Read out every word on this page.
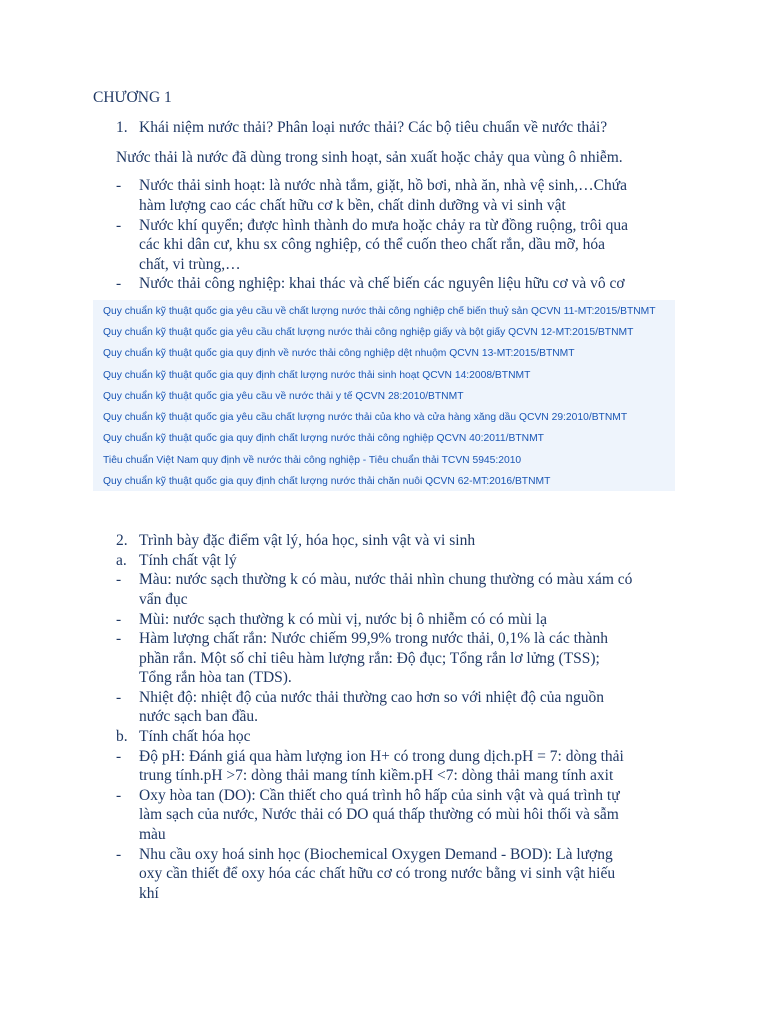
CHƯƠNG 1
1. Khái niệm nước thải? Phân loại nước thải? Các bộ tiêu chuẩn về nước thải?
Nước thải là nước đã dùng trong sinh hoạt, sản xuất hoặc chảy qua vùng ô nhiễm.
- Nước thải sinh hoạt: là nước nhà tắm, giặt, hồ bơi, nhà ăn, nhà vệ sinh,…Chứa
hàm lượng cao các chất hữu cơ k bền, chất dinh dưỡng và vi sinh vật
- Nước khí quyển; được hình thành do mưa hoặc chảy ra từ đồng ruộng, trôi qua
các khi dân cư, khu sx công nghiệp, có thể cuốn theo chất rắn, dầu mỡ, hóa
chất, vi trùng,…
- Nước thải công nghiệp: khai thác và chế biến các nguyên liệu hữu cơ và vô cơ
Quy chuẩn kỹ thuật quốc gia yêu cầu về chất lượng nước thải công nghiệp chế biến thuỷ sản QCVN 11-MT:2015/BTNMT
Quy chuẩn kỹ thuật quốc gia yêu cầu chất lượng nước thải công nghiệp giấy và bột giấy QCVN 12-MT:2015/BTNMT
Quy chuẩn kỹ thuật quốc gia quy định về nước thải công nghiệp dệt nhuộm QCVN 13-MT:2015/BTNMT
Quy chuẩn kỹ thuật quốc gia quy định chất lượng nước thải sinh hoạt QCVN 14:2008/BTNMT
Quy chuẩn kỹ thuật quốc gia yêu cầu về nước thải y tế QCVN 28:2010/BTNMT
Quy chuẩn kỹ thuật quốc gia yêu cầu chất lượng nước thải của kho và cửa hàng xăng dầu QCVN 29:2010/BTNMT
Quy chuẩn kỹ thuật quốc gia quy định chất lượng nước thải công nghiệp QCVN 40:2011/BTNMT
Tiêu chuẩn Việt Nam quy định về nước thải công nghiệp - Tiêu chuẩn thải TCVN 5945:2010
Quy chuẩn kỹ thuật quốc gia quy định chất lượng nước thải chăn nuôi QCVN 62-MT:2016/BTNMT
2. Trình bày đặc điểm vật lý, hóa học, sinh vật và vi sinh
a. Tính chất vật lý
- Màu: nước sạch thường k có màu, nước thải nhìn chung thường có màu xám có
vẩn đục
- Mùi: nước sạch thường k có mùi vị, nước bị ô nhiễm có có mùi lạ
- Hàm lượng chất rắn: Nước chiếm 99,9% trong nước thải, 0,1% là các thành
phần rắn. Một số chỉ tiêu hàm lượng rắn: Độ đục; Tổng rắn lơ lửng (TSS);
Tổng rắn hòa tan (TDS).
- Nhiệt độ: nhiệt độ của nước thải thường cao hơn so với nhiệt độ của nguồn
nước sạch ban đầu.
b. Tính chất hóa học
- Độ pH: Đánh giá qua hàm lượng ion H+ có trong dung dịch.pH = 7: dòng thải
trung tính.pH >7: dòng thải mang tính kiềm.pH <7: dòng thải mang tính axit
- Oxy hòa tan (DO): Cần thiết cho quá trình hô hấp của sinh vật và quá trình tự
làm sạch của nước, Nước thải có DO quá thấp thường có mùi hôi thối và sẫm
màu
- Nhu cầu oxy hoá sinh học (Biochemical Oxygen Demand - BOD): Là lượng
oxy cần thiết để oxy hóa các chất hữu cơ có trong nước bằng vi sinh vật hiếu
khí
